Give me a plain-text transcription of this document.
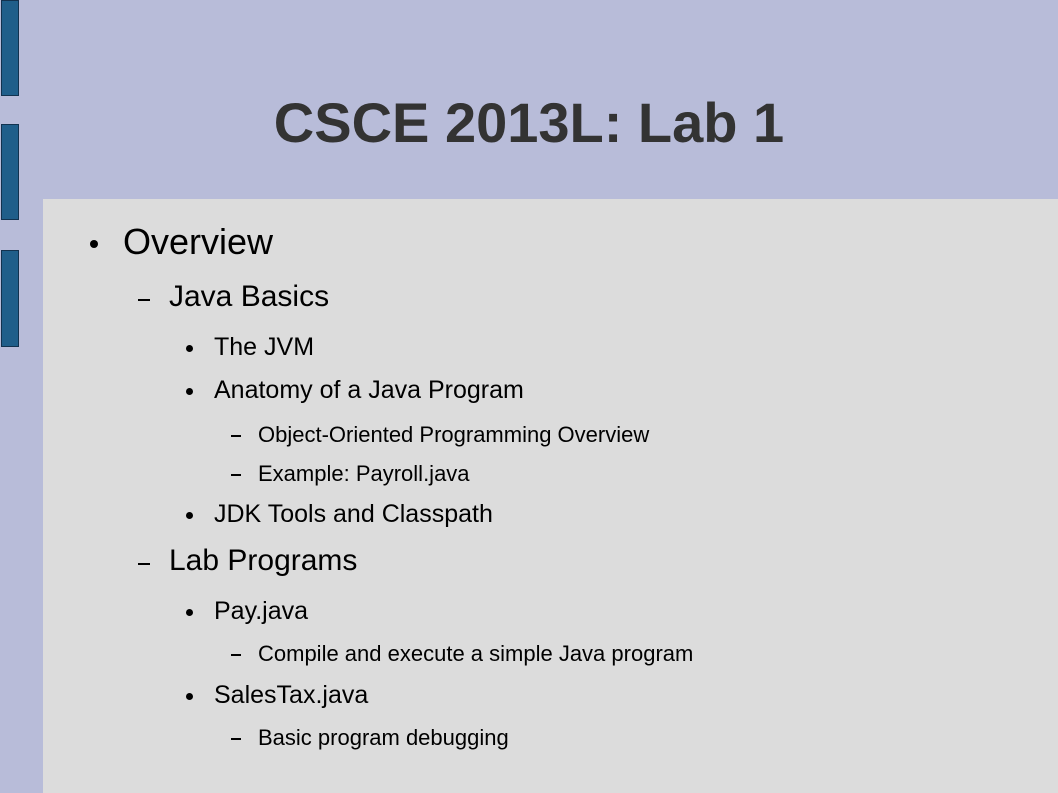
CSCE 2013L: Lab 1
Overview
Java Basics
The JVM
Anatomy of a Java Program
Object-Oriented Programming Overview
Example: Payroll.java
JDK Tools and Classpath
Lab Programs
Pay.java
Compile and execute a simple Java program
SalesTax.java
Basic program debugging
